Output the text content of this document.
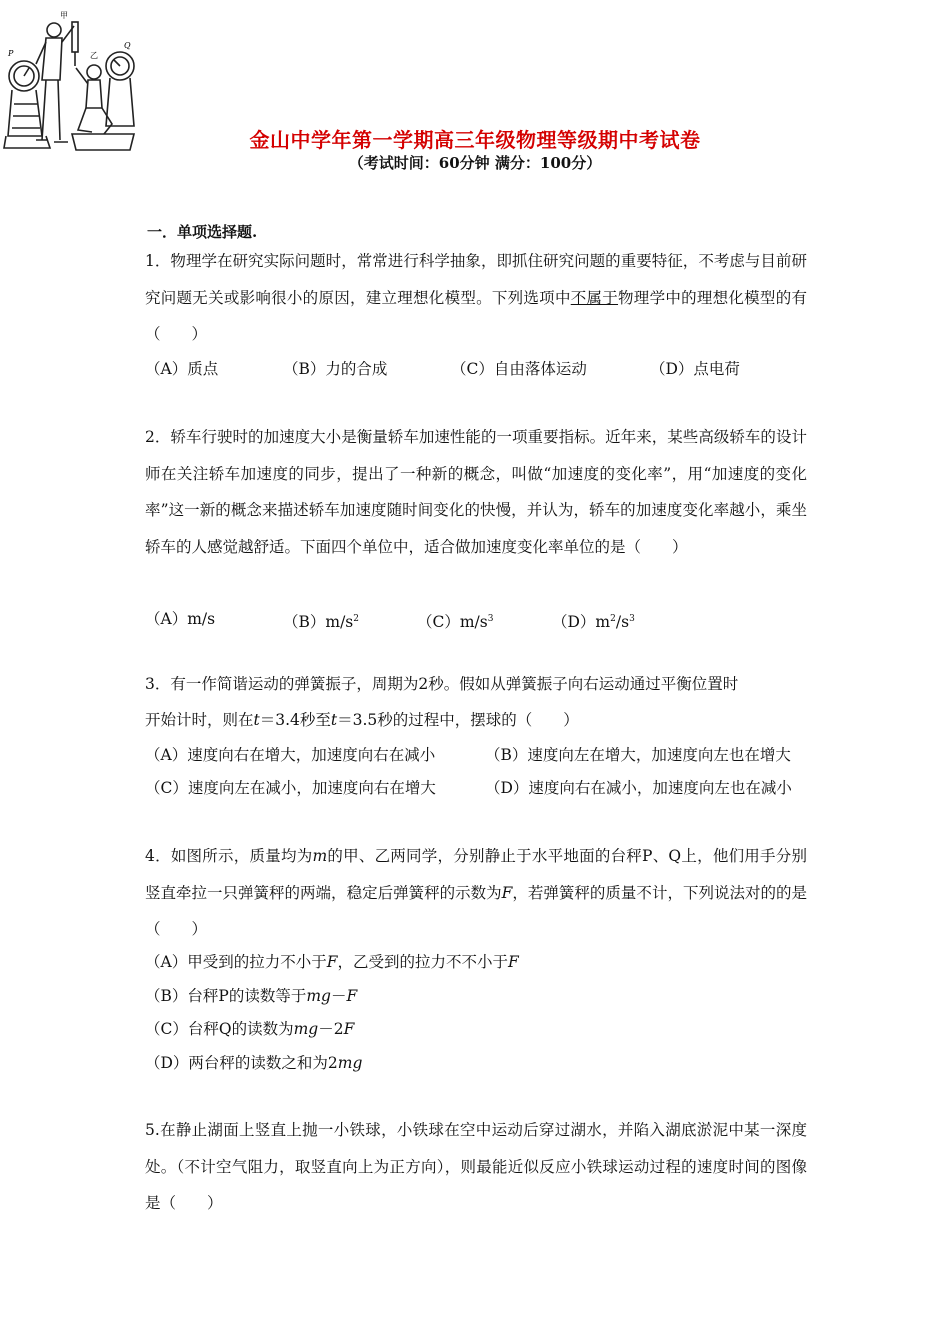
甲
乙
P
Q
金山中学年第一学期高三年级物理等级期中考试卷
（考试时间：60分钟 满分：100分）
一．单项选择题.
1．物理学在研究实际问题时，常常进行科学抽象，即抓住研究问题的重要特征，不考虑与目前研究问题无关或影响很小的原因，建立理想化模型。下列选项中不属于物理学中的理想化模型的有（　　）
（A）质点	（B）力的合成	（C）自由落体运动	（D）点电荷
2．轿车行驶时的加速度大小是衡量轿车加速性能的一项重要指标。近年来，某些高级轿车的设计师在关注轿车加速度的同步，提出了一种新的概念，叫做“加速度的变化率”，用“加速度的变化率”这一新的概念来描述轿车加速度随时间变化的快慢，并认为，轿车的加速度变化率越小，乘坐轿车的人感觉越舒适。下面四个单位中，适合做加速度变化率单位的是（　　）
（A）m/s	$(B)m/s^2$	$(C)m/s^3$	$(D)m^2/s^3$
3．有一作简谐运动的弹簧振子，周期为2秒。假如从弹簧振子向右运动通过平衡位置时
开始计时，则在t＝3.4秒至t＝3.5秒的过程中，摆球的（　　）
（A）速度向右在增大，加速度向右在减小	（B）速度向左在增大，加速度向左也在增大
（C）速度向左在减小，加速度向右在增大	（D）速度向右在减小，加速度向左也在减小
4．如图所示，质量均为m的甲、乙两同学，分别静止于水平地面的台秤P、Q上，他们用手分别竖直牵拉一只弹簧秤的两端，稳定后弹簧秤的示数为F，若弹簧秤的质量不计，下列说法对的的是（　　）
（A）甲受到的拉力不小于F，乙受到的拉力不不小于F
（B）台秤P的读数等于mg－F
（C）台秤Q的读数为mg－2F
（D）两台秤的读数之和为2mg
5.在静止湖面上竖直上抛一小铁球，小铁球在空中运动后穿过湖水，并陷入湖底淤泥中某一深度处。（不计空气阻力，取竖直向上为正方向），则最能近似反应小铁球运动过程的速度时间的图像是（　　）
